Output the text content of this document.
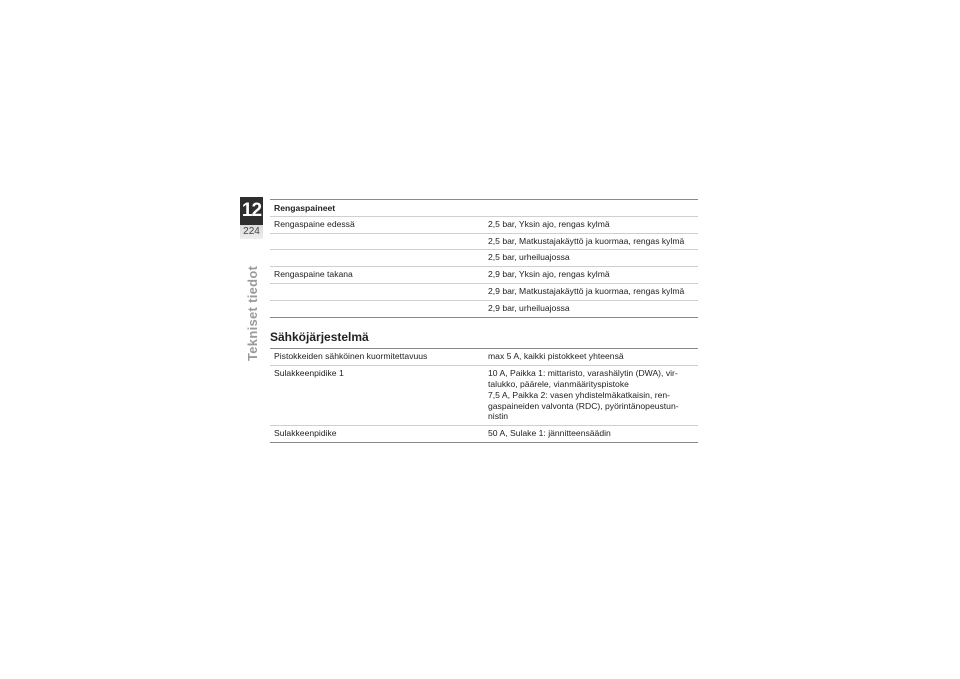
12
224
Tekniset tiedot
Rengaspaineet
Rengaspaine edessä	2,5 bar, Yksin ajo, rengas kylmä
2,5 bar, Matkustajakäyttö ja kuormaa, rengas kylmä
2,5 bar, urheiluajossa
Rengaspaine takana	2,9 bar, Yksin ajo, rengas kylmä
2,9 bar, Matkustajakäyttö ja kuormaa, rengas kylmä
2,9 bar, urheiluajossa
Sähköjärjestelmä
Pistokkeiden sähköinen kuormitettavuus	max 5 A, kaikki pistokkeet yhteensä
Sulakkeenpidike 1	10 A, Paikka 1: mittaristo, varashälytin (DWA), vir-talukko, päärele, vianmäärityspistoke
7,5 A, Paikka 2: vasen yhdistelmäkatkaisin, ren-gaspaineiden valvonta (RDC), pyörintänopeustun-nistin
Sulakkeenpidike	50 A, Sulake 1: jännitteensäädin
